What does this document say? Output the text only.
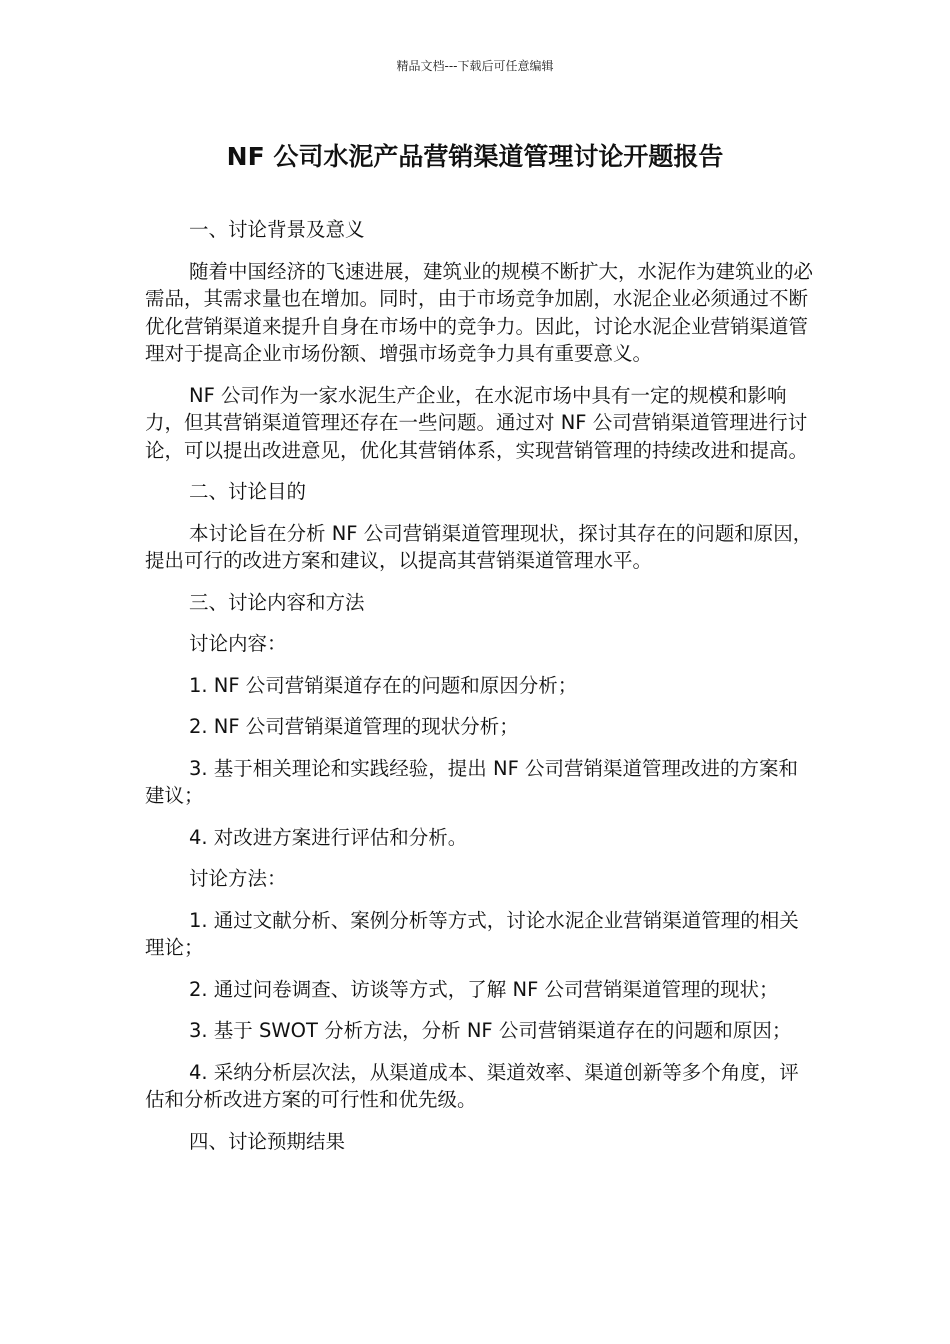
精品文档---下载后可任意编辑
NF 公司水泥产品营销渠道管理讨论开题报告

一、讨论背景及意义

随着中国经济的飞速进展，建筑业的规模不断扩大，水泥作为建筑业的必需品，其需求量也在增加。同时，由于市场竞争加剧，水泥企业必须通过不断优化营销渠道来提升自身在市场中的竞争力。因此，讨论水泥企业营销渠道管理对于提高企业市场份额、增强市场竞争力具有重要意义。

NF 公司作为一家水泥生产企业，在水泥市场中具有一定的规模和影响力，但其营销渠道管理还存在一些问题。通过对 NF 公司营销渠道管理进行讨论，可以提出改进意见，优化其营销体系，实现营销管理的持续改进和提高。

二、讨论目的

本讨论旨在分析 NF 公司营销渠道管理现状，探讨其存在的问题和原因，提出可行的改进方案和建议，以提高其营销渠道管理水平。

三、讨论内容和方法

讨论内容：

1. NF 公司营销渠道存在的问题和原因分析；

2. NF 公司营销渠道管理的现状分析；

3. 基于相关理论和实践经验，提出 NF 公司营销渠道管理改进的方案和建议；

4. 对改进方案进行评估和分析。

讨论方法：

1. 通过文献分析、案例分析等方式，讨论水泥企业营销渠道管理的相关理论；

2. 通过问卷调查、访谈等方式，了解 NF 公司营销渠道管理的现状；

3. 基于 SWOT 分析方法，分析 NF 公司营销渠道存在的问题和原因；

4. 采纳分析层次法，从渠道成本、渠道效率、渠道创新等多个角度，评估和分析改进方案的可行性和优先级。

四、讨论预期结果
